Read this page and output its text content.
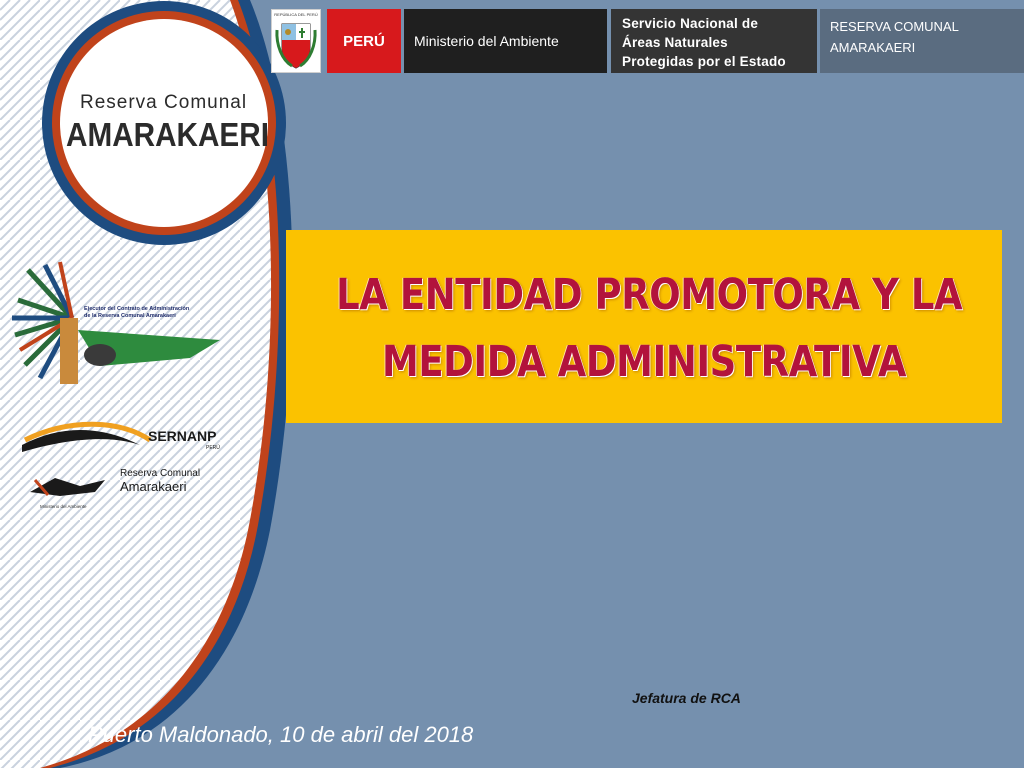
Reserva Comunal
AMARAKAERI
Ejecutor del Contrato de Administración
de la Reserva Comunal Amarakaeri
SERNANP
PERÚ
Reserva Comunal
Amarakaeri
Ministerio del Ambiente
REPÚBLICA DEL PERÚ
PERÚ	Ministerio del Ambiente
Servicio Nacional de
Áreas Naturales
Protegidas por el Estado
RESERVA COMUNAL
AMARAKAERI
LA ENTIDAD PROMOTORA Y LA
MEDIDA ADMINISTRATIVA
Jefatura de RCA
Puerto Maldonado, 10 de abril del 2018
